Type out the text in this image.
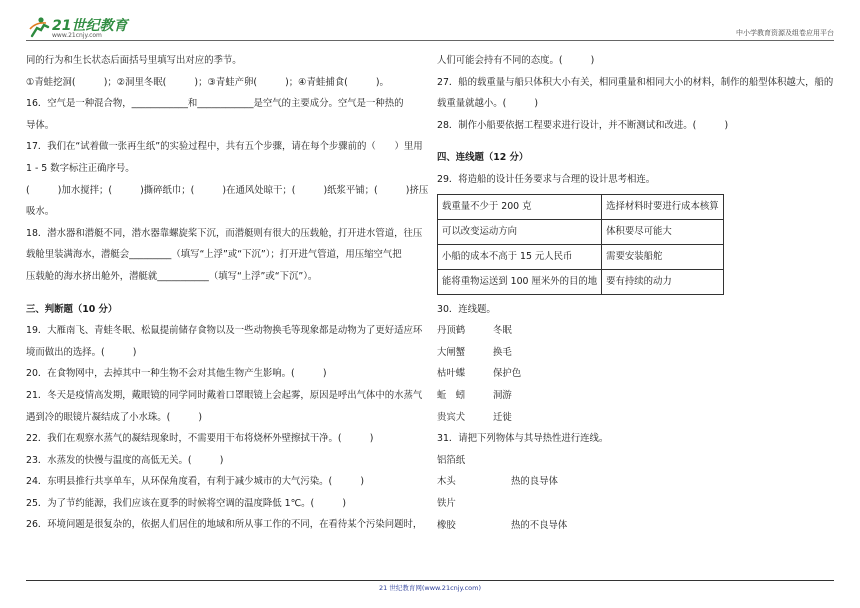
21世纪教育
www.21cnjy.com	中小学教育资源及组卷应用平台
同的行为和生长状态后面括号里填写出对应的季节。
①青蛙挖洞(　　　)；②洞里冬眠(　　　)；③青蛙产卵(　　　)；④青蛙捕食(　　　)。
16．空气是一种混合物，____________和____________是空气的主要成分。空气是一种热的
导体。
17．我们在“试着做一张再生纸”的实验过程中，共有五个步骤，请在每个步骤前的（　　）里用
1 - 5 数字标注正确序号。
(　　　)加水搅拌；(　　　)撕碎纸巾；(　　　)在通风处晾干；(　　　)纸浆平铺；(　　　)挤压
吸水。
18．潜水器和潜艇不同，潜水器靠螺旋桨下沉，而潜艇则有很大的压载舱，打开进水管道，往压
载舱里装满海水，潜艇会_________（填写“上浮”或“下沉”）；打开进气管道，用压缩空气把
压载舱的海水挤出舱外，潜艇就___________（填写“上浮”或“下沉”）。
三、判断题（10 分）
19．大雁南飞、青蛙冬眠、松鼠提前储存食物以及一些动物换毛等现象都是动物为了更好适应环
境而做出的选择。(　　　)
20．在食物网中，去掉其中一种生物不会对其他生物产生影响。(　　　)
21．冬天是疫情高发期，戴眼镜的同学同时戴着口罩眼镜上会起雾，原因是呼出气体中的水蒸气
遇到冷的眼镜片凝结成了小水珠。(　　　)
22．我们在观察水蒸气的凝结现象时，不需要用干布将烧杯外壁擦拭干净。(　　　)
23．水蒸发的快慢与温度的高低无关。(　　　)
24．东明县推行共享单车，从环保角度看，有利于减少城市的大气污染。(　　　)
25．为了节约能源，我们应该在夏季的时候将空调的温度降低 1℃。(　　　)
26．环境问题是很复杂的，依据人们居住的地域和所从事工作的不同，在看待某个污染问题时，
人们可能会持有不同的态度。(　　　)
27．船的载重量与船只体积大小有关，相同重量和相同大小的材料，制作的船型体积越大，船的
载重量就越小。(　　　)
28．制作小船要依据工程要求进行设计，并不断测试和改进。(　　　)
四、连线题（12 分）
29．将造船的设计任务要求与合理的设计思考相连。
载重量不少于 200 克	选择材料时要进行成本核算
可以改变运动方向	体积要尽可能大
小船的成本不高于 15 元人民币	需要安装船舵
能将重物运送到 100 厘米外的目的地	要有持续的动力
30．连线题。
丹顶鹤	冬眠
大闸蟹	换毛
枯叶蝶	保护色
蚯　蚓	洞游
贵宾犬	迁徙
31．请把下列物体与其导热性进行连线。
铝箔纸
木头	热的良导体
铁片
橡胶	热的不良导体
21 世纪教育网(www.21cnjy.com)
